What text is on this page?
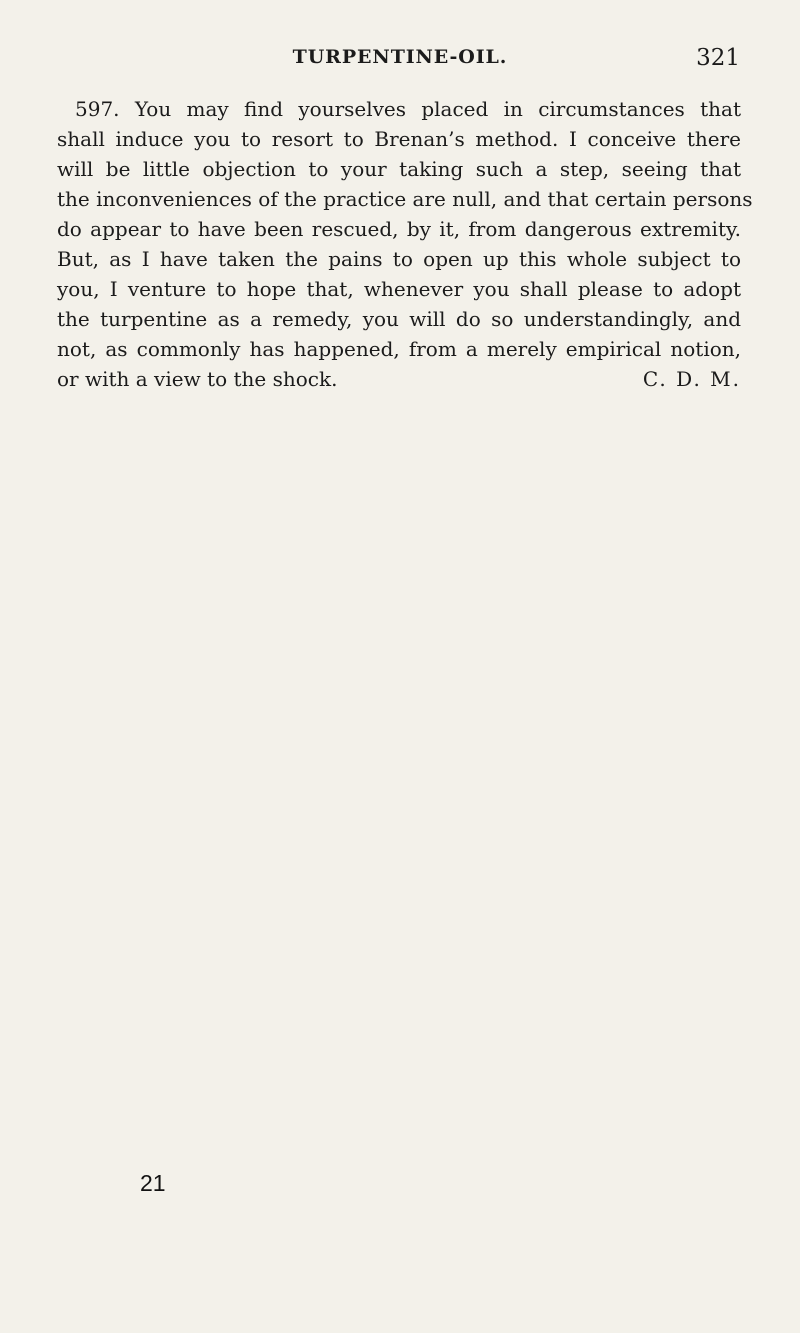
TURPENTINE-OIL.	321

597. You may find yourselves placed in circumstances that
shall induce you to resort to Brenan’s method. I conceive there
will be little objection to your taking such a step, seeing that
the inconveniences of the practice are null, and that certain persons
do appear to have been rescued, by it, from dangerous extremity.
But, as I have taken the pains to open up this whole subject to
you, I venture to hope that, whenever you shall please to adopt
the turpentine as a remedy, you will do so understandingly, and
not, as commonly has happened, from a merely empirical notion,
or with a view to the shock.	C. D. M.

21
